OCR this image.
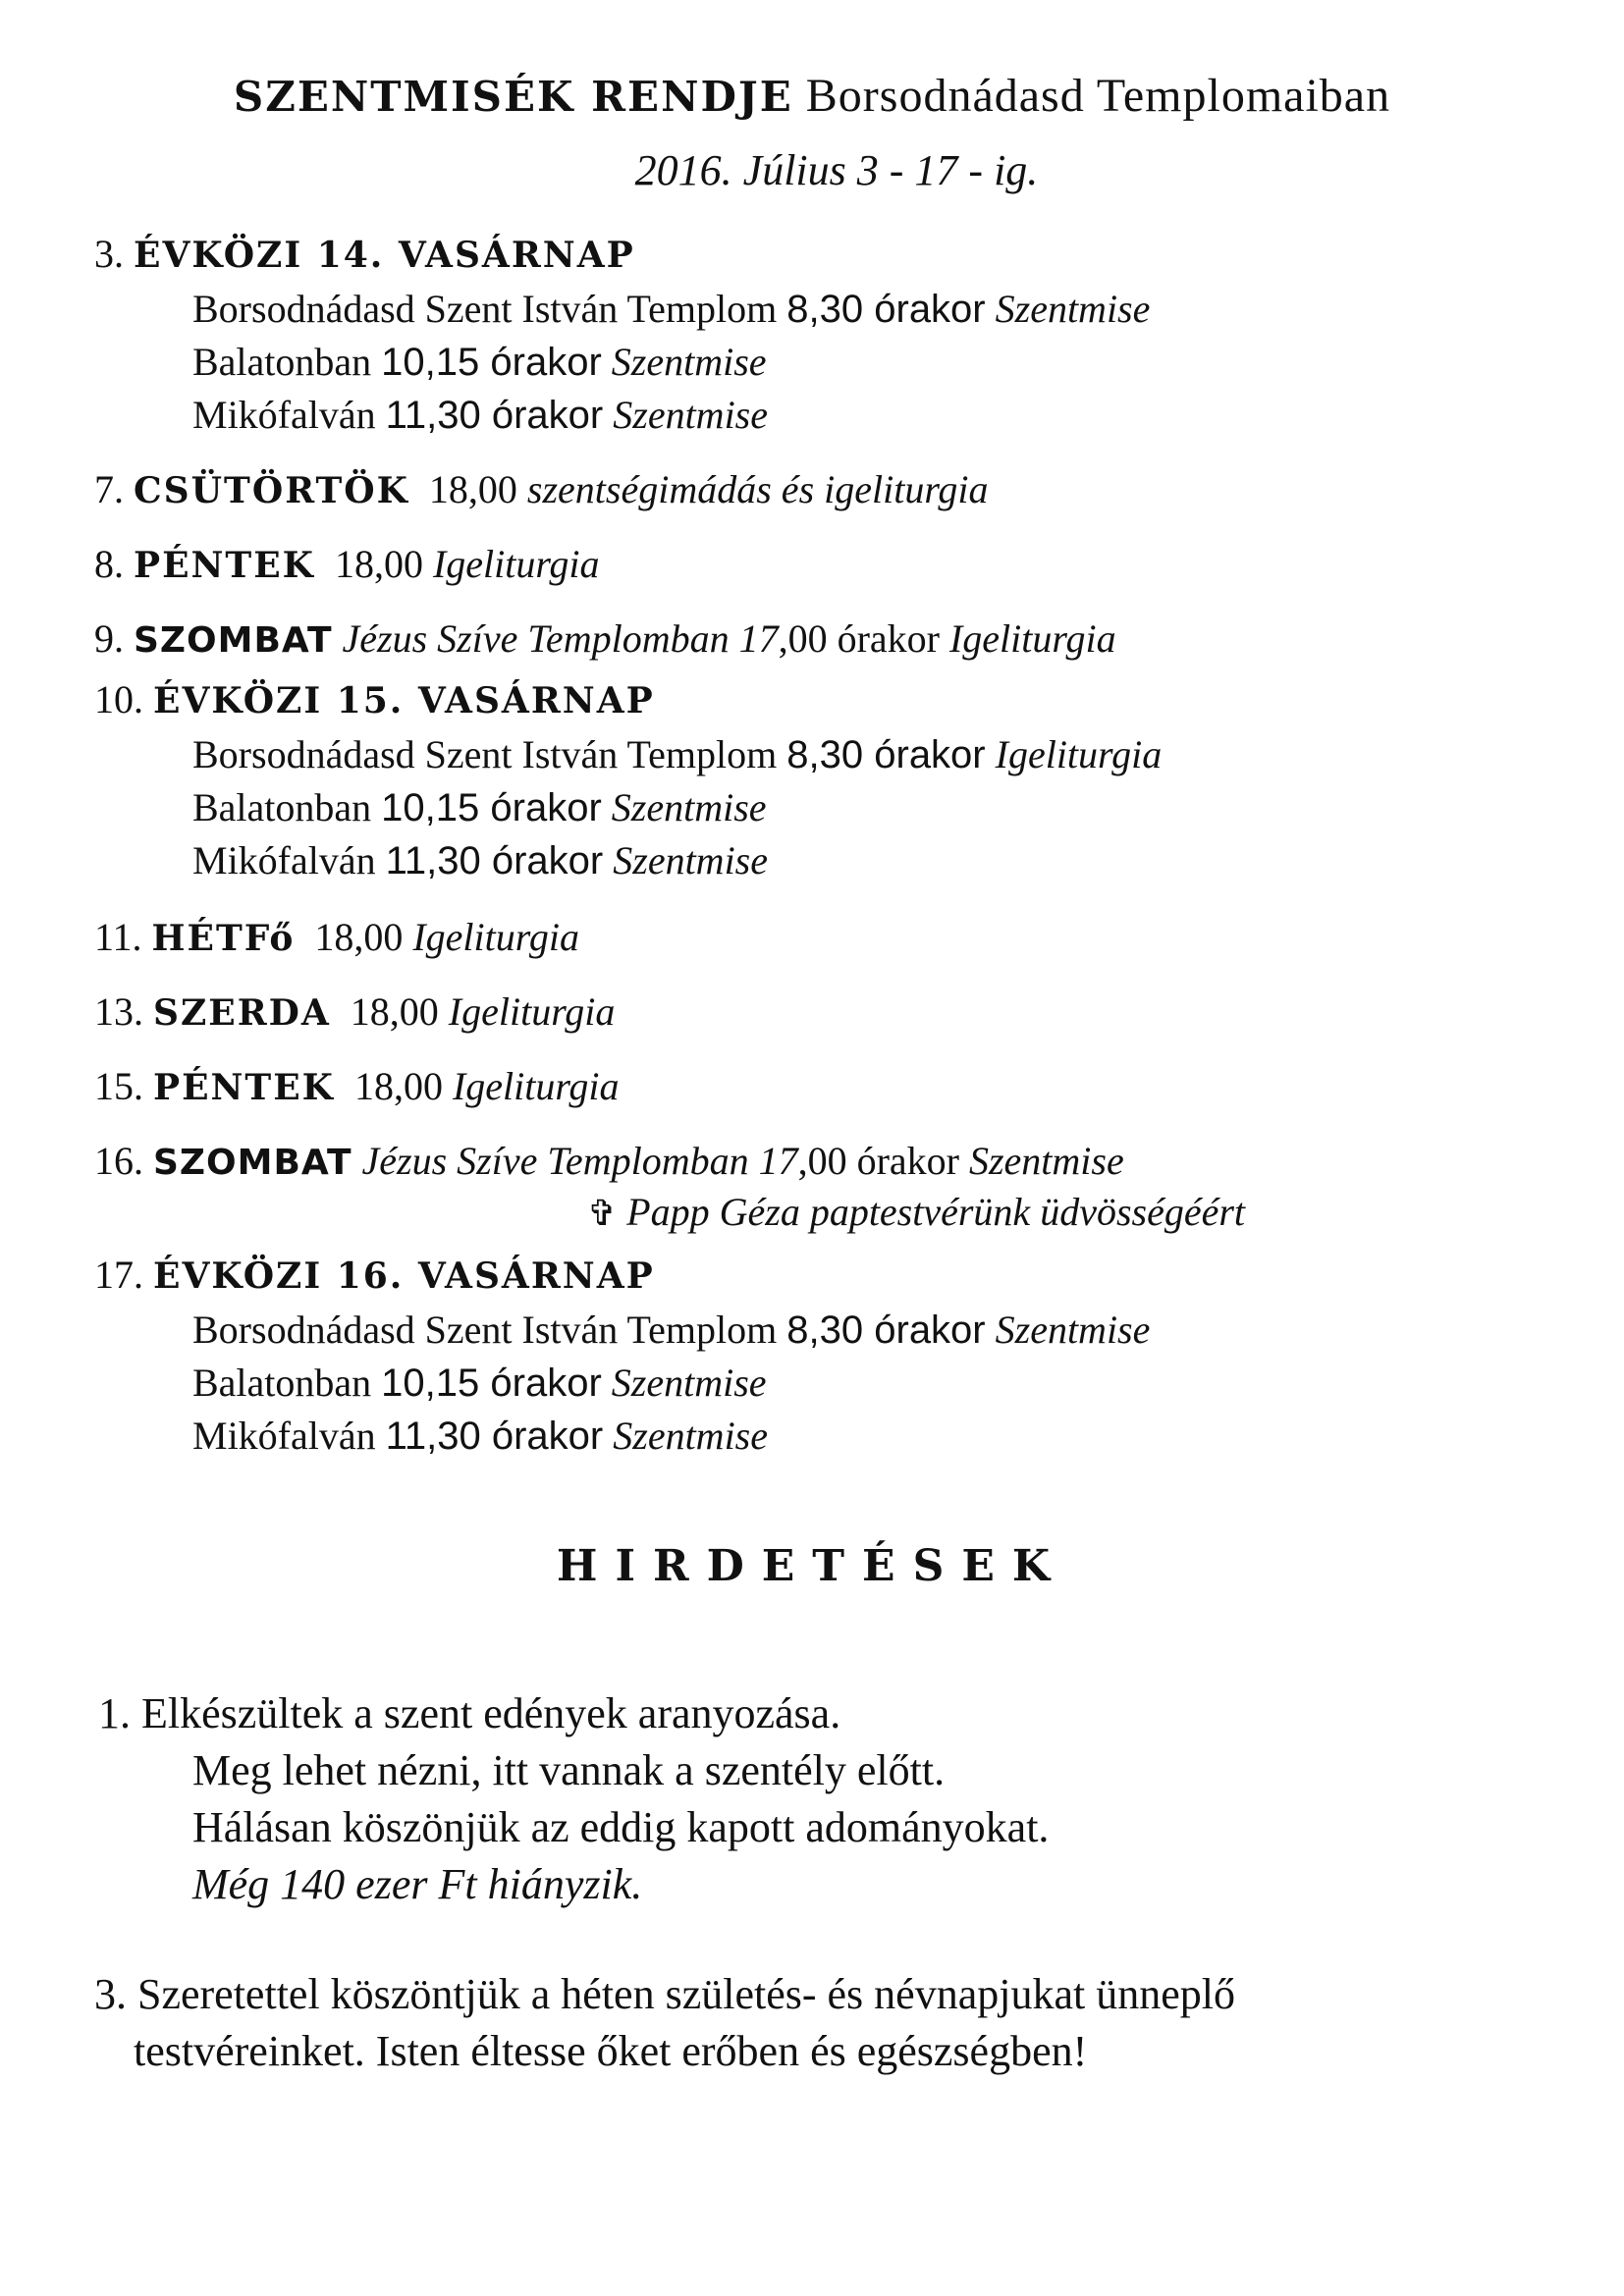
SZENTMISÉK RENDJE Borsodnádasd Templomaiban
2016. Július 3 - 17 - ig.
3. ÉVKÖZI 14. VASÁRNAP
Borsodnádasd Szent István Templom 8,30 órakor Szentmise
Balatonban 10,15 órakor Szentmise
Mikófalván 11,30 órakor Szentmise
7. CSÜTÖRTÖK 18,00 szentségimádás és igeliturgia
8. PÉNTEK 18,00 Igeliturgia
9. SZOMBAT Jézus Szíve Templomban 17,00 órakor Igeliturgia
10. ÉVKÖZI 15. VASÁRNAP
Borsodnádasd Szent István Templom 8,30 órakor Igeliturgia
Balatonban 10,15 órakor Szentmise
Mikófalván 11,30 órakor Szentmise
11. HÉTFő 18,00 Igeliturgia
13. SZERDA 18,00 Igeliturgia
15. PÉNTEK 18,00 Igeliturgia
16. SZOMBAT Jézus Szíve Templomban 17,00 órakor Szentmise
✞ Papp Géza paptestvérünk üdvösségéért
17. ÉVKÖZI 16. VASÁRNAP
Borsodnádasd Szent István Templom 8,30 órakor Szentmise
Balatonban 10,15 órakor Szentmise
Mikófalván 11,30 órakor Szentmise
HIRDETÉSEK
1. Elkészültek a szent edények aranyozása.
Meg lehet nézni, itt vannak a szentély előtt.
Hálásan köszönjük az eddig kapott adományokat.
Még 140 ezer Ft hiányzik.
3. Szeretettel köszöntjük a héten születés- és névnapjukat ünneplő
testvéreinket. Isten éltesse őket erőben és egészségben!
